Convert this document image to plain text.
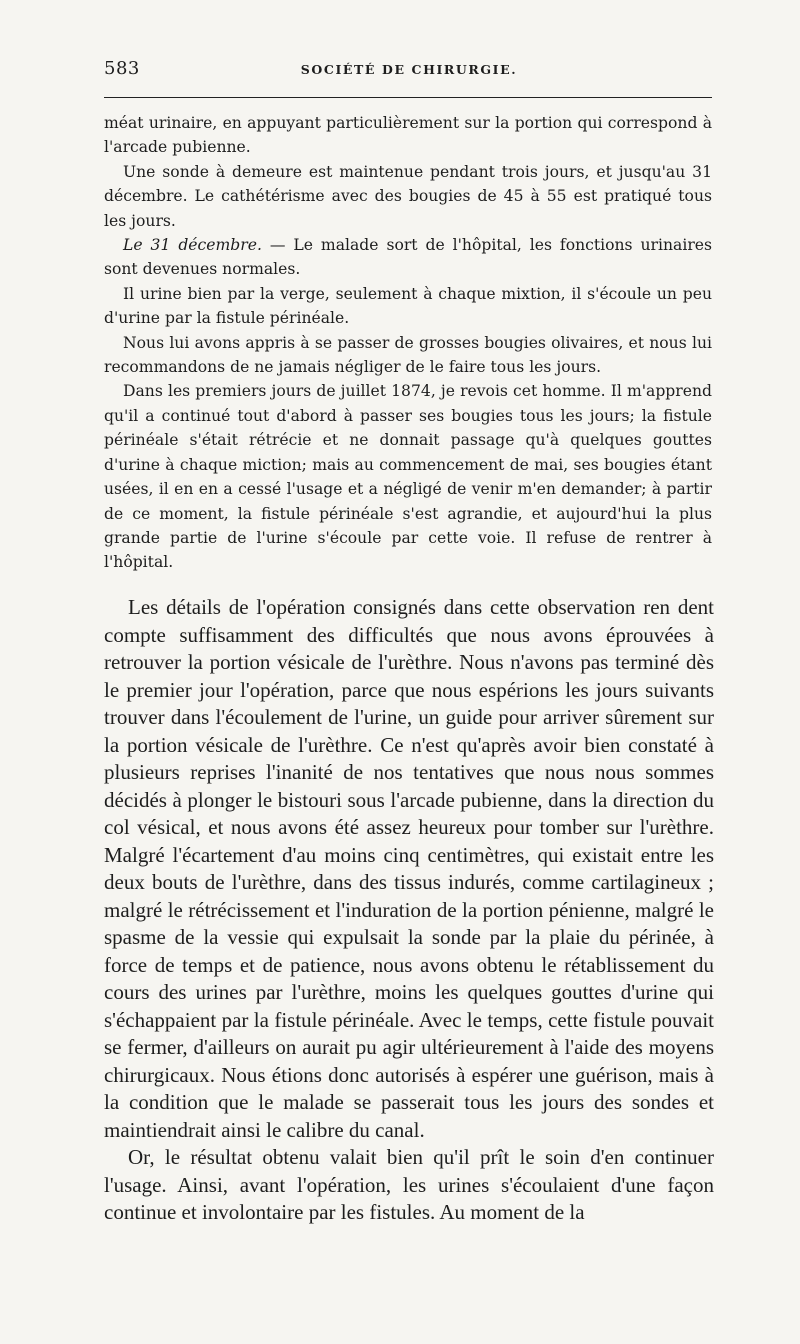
583	SOCIÉTÉ DE CHIRURGIE.

méat urinaire, en appuyant particulièrement sur la portion qui correspond à l'arcade pubienne.

Une sonde à demeure est maintenue pendant trois jours, et jusqu'au 31 décembre. Le cathétérisme avec des bougies de 45 à 55 est pratiqué tous les jours.

Le 31 décembre. — Le malade sort de l'hôpital, les fonctions urinaires sont devenues normales.

Il urine bien par la verge, seulement à chaque mixtion, il s'écoule un peu d'urine par la fistule périnéale.

Nous lui avons appris à se passer de grosses bougies olivaires, et nous lui recommandons de ne jamais négliger de le faire tous les jours.

Dans les premiers jours de juillet 1874, je revois cet homme. Il m'apprend qu'il a continué tout d'abord à passer ses bougies tous les jours; la fistule périnéale s'était rétrécie et ne donnait passage qu'à quelques gouttes d'urine à chaque miction; mais au commencement de mai, ses bougies étant usées, il en en a cessé l'usage et a négligé de venir m'en demander; à partir de ce moment, la fistule périnéale s'est agrandie, et aujourd'hui la plus grande partie de l'urine s'écoule par cette voie. Il refuse de rentrer à l'hôpital.

Les détails de l'opération consignés dans cette observation ren dent compte suffisamment des difficultés que nous avons éprouvées à retrouver la portion vésicale de l'urèthre. Nous n'avons pas terminé dès le premier jour l'opération, parce que nous espérions les jours suivants trouver dans l'écoulement de l'urine, un guide pour arriver sûrement sur la portion vésicale de l'urèthre. Ce n'est qu'après avoir bien constaté à plusieurs reprises l'inanité de nos tentatives que nous nous sommes décidés à plonger le bistouri sous l'arcade pubienne, dans la direction du col vésical, et nous avons été assez heureux pour tomber sur l'urèthre. Malgré l'écartement d'au moins cinq centimètres, qui existait entre les deux bouts de l'urèthre, dans des tissus indurés, comme cartilagineux ; malgré le rétrécissement et l'induration de la portion pénienne, malgré le spasme de la vessie qui expulsait la sonde par la plaie du périnée, à force de temps et de patience, nous avons obtenu le rétablissement du cours des urines par l'urèthre, moins les quelques gouttes d'urine qui s'échappaient par la fistule périnéale. Avec le temps, cette fistule pouvait se fermer, d'ailleurs on aurait pu agir ultérieurement à l'aide des moyens chirurgicaux. Nous étions donc autorisés à espérer une guérison, mais à la condition que le malade se passerait tous les jours des sondes et maintiendrait ainsi le calibre du canal.

Or, le résultat obtenu valait bien qu'il prît le soin d'en continuer l'usage. Ainsi, avant l'opération, les urines s'écoulaient d'une façon continue et involontaire par les fistules. Au moment de la
